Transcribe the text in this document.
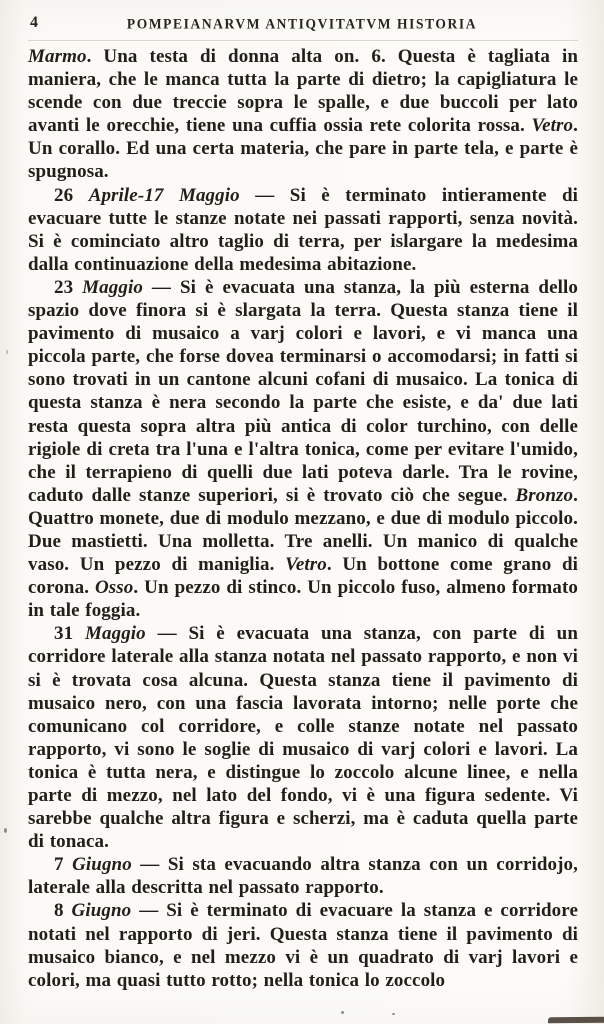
4	POMPEIANARVM ANTIQVITATVM HISTORIA

Marmo. Una testa di donna alta on. 6. Questa è tagliata in maniera, che le manca tutta la parte di dietro; la capigliatura le scende con due treccie sopra le spalle, e due buccoli per lato avanti le orecchie, tiene una cuffia ossia rete colorita rossa. Vetro. Un corallo. Ed una certa materia, che pare in parte tela, e parte è spugnosa.

26 Aprile-17 Maggio — Si è terminato intieramente di evacuare tutte le stanze notate nei passati rapporti, senza novità. Si è cominciato altro taglio di terra, per islargare la medesima dalla continuazione della medesima abitazione.

23 Maggio — Si è evacuata una stanza, la più esterna dello spazio dove finora si è slargata la terra. Questa stanza tiene il pavimento di musaico a varj colori e lavori, e vi manca una piccola parte, che forse dovea terminarsi o accomodarsi; in fatti si sono trovati in un cantone alcuni cofani di musaico. La tonica di questa stanza è nera secondo la parte che esiste, e da' due lati resta questa sopra altra più antica di color turchino, con delle rigiole di creta tra l'una e l'altra tonica, come per evitare l'umido, che il terrapieno di quelli due lati poteva darle. Tra le rovine, caduto dalle stanze superiori, si è trovato ciò che segue. Bronzo. Quattro monete, due di modulo mezzano, e due di modulo piccolo. Due mastietti. Una molletta. Tre anelli. Un manico di qualche vaso. Un pezzo di maniglia. Vetro. Un bottone come grano di corona. Osso. Un pezzo di stinco. Un piccolo fuso, almeno formato in tale foggia.

31 Maggio — Si è evacuata una stanza, con parte di un corridore laterale alla stanza notata nel passato rapporto, e non vi si è trovata cosa alcuna. Questa stanza tiene il pavimento di musaico nero, con una fascia lavorata intorno; nelle porte che comunicano col corridore, e colle stanze notate nel passato rapporto, vi sono le soglie di musaico di varj colori e lavori. La tonica è tutta nera, e distingue lo zoccolo alcune linee, e nella parte di mezzo, nel lato del fondo, vi è una figura sedente. Vi sarebbe qualche altra figura e scherzi, ma è caduta quella parte di tonaca.

7 Giugno — Si sta evacuando altra stanza con un corridojo, laterale alla descritta nel passato rapporto.

8 Giugno — Si è terminato di evacuare la stanza e corridore notati nel rapporto di jeri. Questa stanza tiene il pavimento di musaico bianco, e nel mezzo vi è un quadrato di varj lavori e colori, ma quasi tutto rotto; nella tonica lo zoccolo
